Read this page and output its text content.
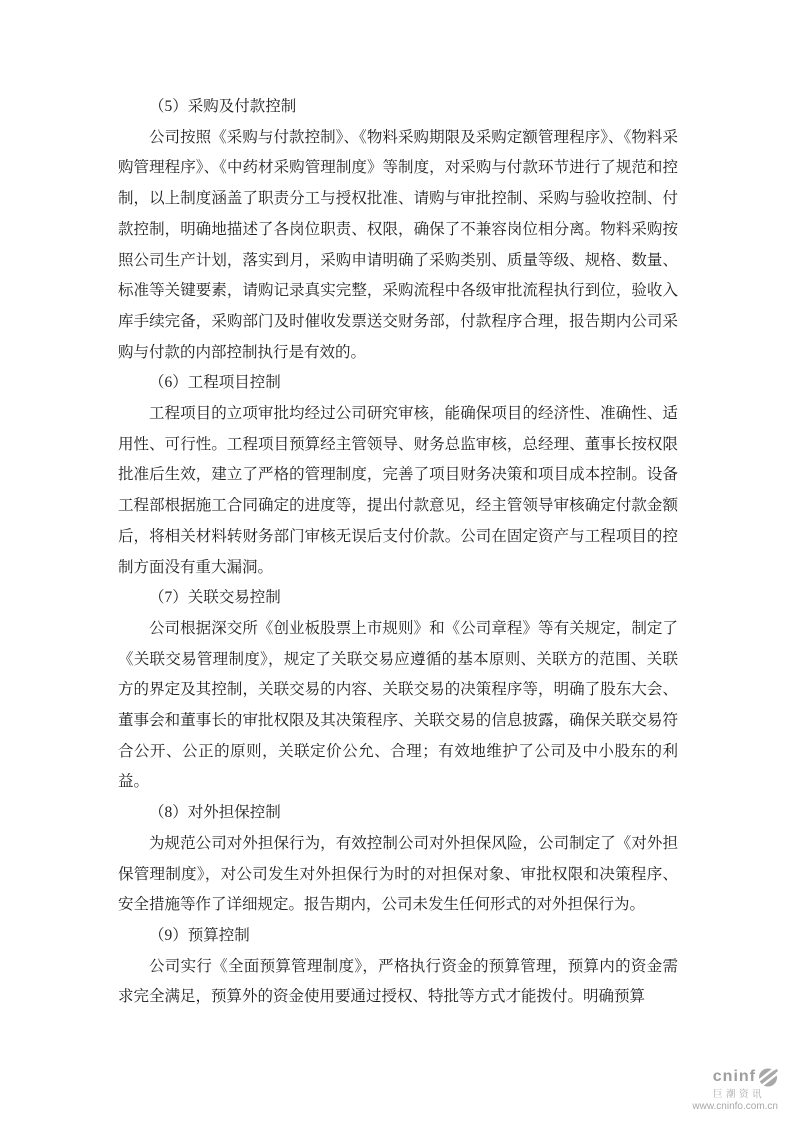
（5）采购及付款控制

公司按照《采购与付款控制》、《物料采购期限及采购定额管理程序》、《物料采购管理程序》、《中药材采购管理制度》等制度，对采购与付款环节进行了规范和控制，以上制度涵盖了职责分工与授权批准、请购与审批控制、采购与验收控制、付款控制，明确地描述了各岗位职责、权限，确保了不兼容岗位相分离。物料采购按照公司生产计划，落实到月，采购申请明确了采购类别、质量等级、规格、数量、标准等关键要素，请购记录真实完整，采购流程中各级审批流程执行到位，验收入库手续完备，采购部门及时催收发票送交财务部，付款程序合理，报告期内公司采购与付款的内部控制执行是有效的。

（6）工程项目控制

工程项目的立项审批均经过公司研究审核，能确保项目的经济性、准确性、适用性、可行性。工程项目预算经主管领导、财务总监审核，总经理、董事长按权限批准后生效，建立了严格的管理制度，完善了项目财务决策和项目成本控制。设备工程部根据施工合同确定的进度等，提出付款意见，经主管领导审核确定付款金额后，将相关材料转财务部门审核无误后支付价款。公司在固定资产与工程项目的控制方面没有重大漏洞。

（7）关联交易控制

公司根据深交所《创业板股票上市规则》和《公司章程》等有关规定，制定了《关联交易管理制度》，规定了关联交易应遵循的基本原则、关联方的范围、关联方的界定及其控制，关联交易的内容、关联交易的决策程序等，明确了股东大会、董事会和董事长的审批权限及其决策程序、关联交易的信息披露，确保关联交易符合公开、公正的原则，关联定价公允、合理；有效地维护了公司及中小股东的利益。

（8）对外担保控制

为规范公司对外担保行为，有效控制公司对外担保风险，公司制定了《对外担保管理制度》，对公司发生对外担保行为时的对担保对象、审批权限和决策程序、安全措施等作了详细规定。报告期内，公司未发生任何形式的对外担保行为。

（9）预算控制

公司实行《全面预算管理制度》，严格执行资金的预算管理，预算内的资金需求完全满足，预算外的资金使用要通过授权、特批等方式才能拨付。明确预算

cninf
巨潮资讯
www.cninfo.com.cn
